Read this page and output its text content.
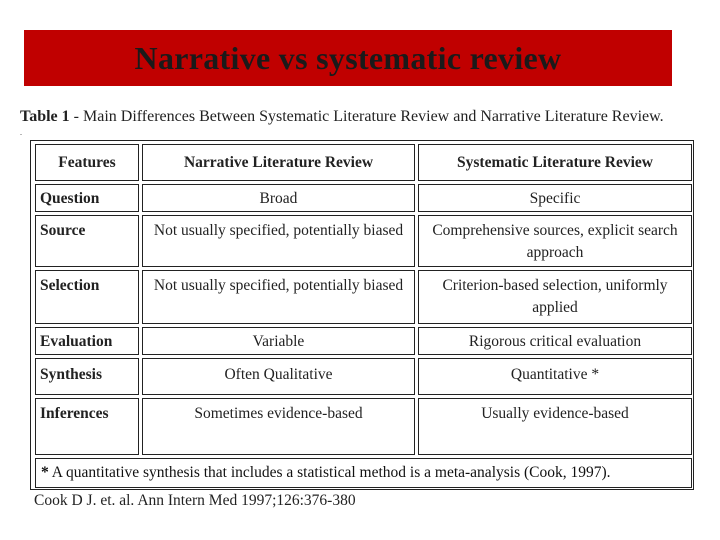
Narrative vs systematic review
Table 1 - Main Differences Between Systematic Literature Review and Narrative Literature Review.
.
Features	Narrative Literature Review	Systematic Literature Review
Question	Broad	Specific
Source	Not usually specified, potentially biased	Comprehensive sources, explicit search approach
Selection	Not usually specified, potentially biased	Criterion-based selection, uniformly applied
Evaluation	Variable	Rigorous critical evaluation
Synthesis	Often Qualitative	Quantitative *
Inferences	Sometimes evidence-based	Usually evidence-based
* A quantitative synthesis that includes a statistical method is a meta-analysis (Cook, 1997).
Cook D J. et. al. Ann Intern Med 1997;126:376-380
